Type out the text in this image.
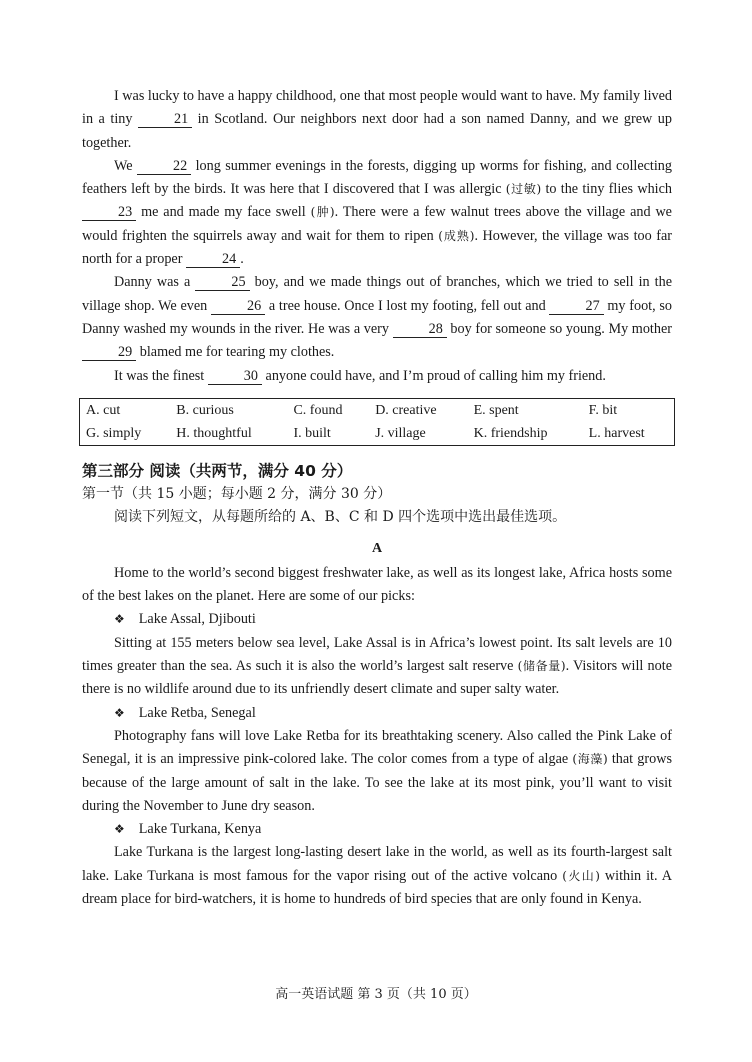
I was lucky to have a happy childhood, one that most people would want to have. My family lived in a tiny	21 in Scotland. Our neighbors next door had a son named Danny, and we grew up together.

We	22 long summer evenings in the forests, digging up worms for fishing, and collecting feathers left by the birds. It was here that I discovered that I was allergic (过敏) to the tiny flies which 23 me and made my face swell (肿). There were a few walnut trees above the village and we would frighten the squirrels away and wait for them to ripen (成熟). However, the village was too far north for a proper	24 .

Danny was a	25 boy, and we made things out of branches, which we tried to sell in the village shop. We even	26 a tree house. Once I lost my footing, fell out and	27 my foot, so Danny washed my wounds in the river. He was a very	28 boy for someone so young. My mother 29 blamed me for tearing my clothes.

It was the finest	30 anyone could have, and I’m proud of calling him my friend.

A. cut	B. curious	C. found	D. creative	E. spent	F. bit
G. simply	H. thoughtful	I. built	J. village	K. friendship	L. harvest
第三部分 阅读（共两节，满分 40 分）
第一节（共 15 小题；每小题 2 分，满分 30 分）
阅读下列短文，从每题所给的 A、B、C 和 D 四个选项中选出最佳选项。
A

Home to the world’s second biggest freshwater lake, as well as its longest lake, Africa hosts some of the best lakes on the planet. Here are some of our picks:

❖ Lake Assal, Djibouti

Sitting at 155 meters below sea level, Lake Assal is in Africa’s lowest point. Its salt levels are 10 times greater than the sea. As such it is also the world’s largest salt reserve (储备量). Visitors will note there is no wildlife around due to its unfriendly desert climate and super salty water.

❖ Lake Retba, Senegal

Photography fans will love Lake Retba for its breathtaking scenery. Also called the Pink Lake of Senegal, it is an impressive pink-colored lake. The color comes from a type of algae (海藻) that grows because of the large amount of salt in the lake. To see the lake at its most pink, you’ll want to visit during the November to June dry season.

❖ Lake Turkana, Kenya

Lake Turkana is the largest long-lasting desert lake in the world, as well as its fourth-largest salt lake. Lake Turkana is most famous for the vapor rising out of the active volcano (火山) within it. A dream place for bird-watchers, it is home to hundreds of bird species that are only found in Kenya.

高一英语试题 第 3 页（共 10 页）
